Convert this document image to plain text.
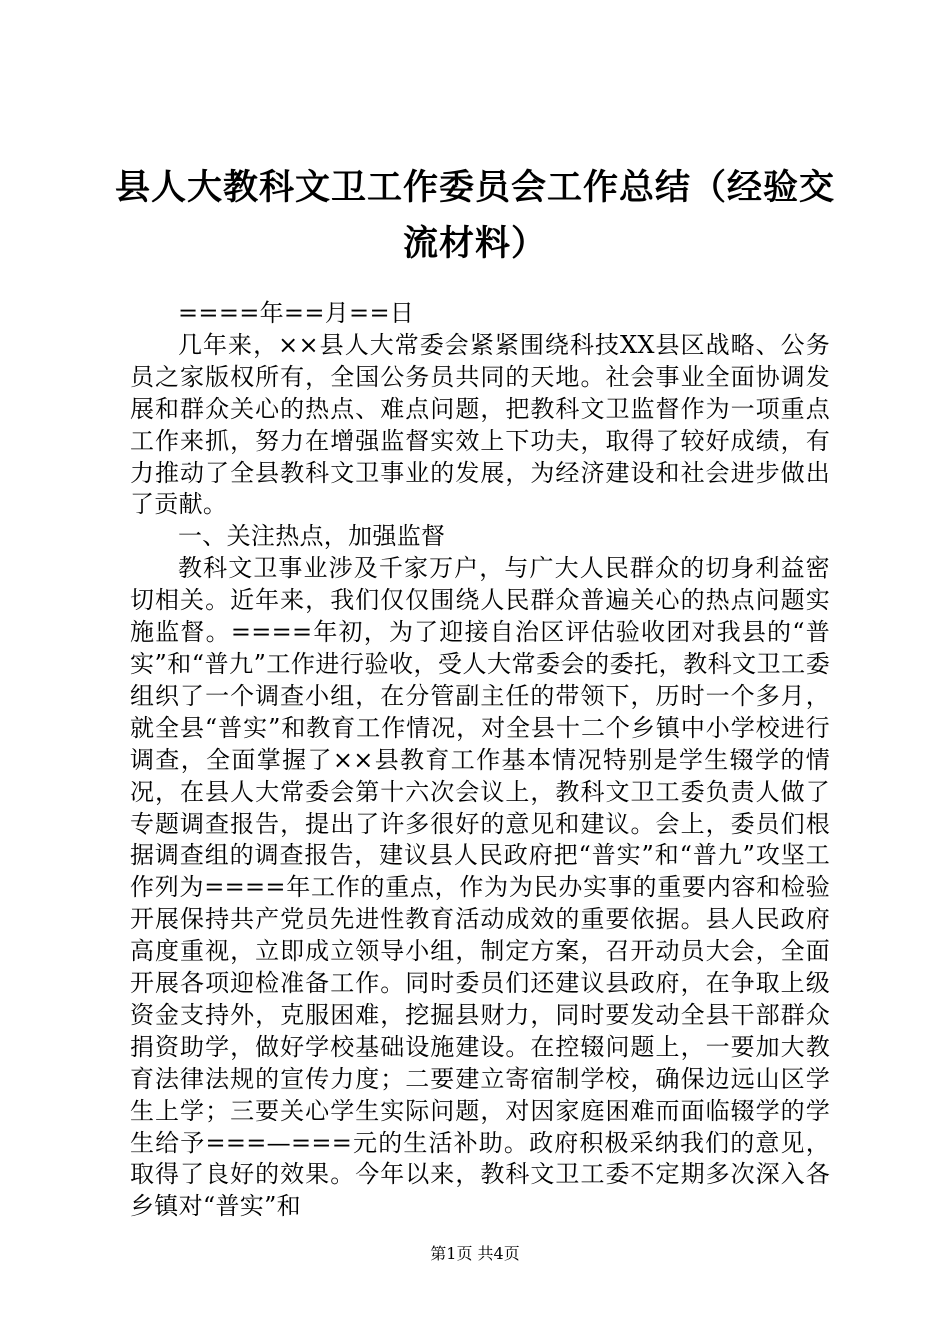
县人大教科文卫工作委员会工作总结（经验交流材料）

====年==月==日

几年来，××县人大常委会紧紧围绕科技XX县区战略、公务员之家版权所有，全国公务员共同的天地。社会事业全面协调发展和群众关心的热点、难点问题，把教科文卫监督作为一项重点工作来抓，努力在增强监督实效上下功夫，取得了较好成绩，有力推动了全县教科文卫事业的发展，为经济建设和社会进步做出了贡献。

一、关注热点，加强监督

教科文卫事业涉及千家万户，与广大人民群众的切身利益密切相关。近年来，我们仅仅围绕人民群众普遍关心的热点问题实施监督。====年初，为了迎接自治区评估验收团对我县的“普实”和“普九”工作进行验收，受人大常委会的委托，教科文卫工委组织了一个调查小组，在分管副主任的带领下，历时一个多月，就全县“普实”和教育工作情况，对全县十二个乡镇中小学校进行调查，全面掌握了××县教育工作基本情况特别是学生辍学的情况，在县人大常委会第十六次会议上，教科文卫工委负责人做了专题调查报告，提出了许多很好的意见和建议。会上，委员们根据调查组的调查报告，建议县人民政府把“普实”和“普九”攻坚工作列为====年工作的重点，作为为民办实事的重要内容和检验开展保持共产党员先进性教育活动成效的重要依据。县人民政府高度重视，立即成立领导小组，制定方案，召开动员大会，全面开展各项迎检准备工作。同时委员们还建议县政府，在争取上级资金支持外，克服困难，挖掘县财力，同时要发动全县干部群众捐资助学，做好学校基础设施建设。在控辍问题上，一要加大教育法律法规的宣传力度；二要建立寄宿制学校，确保边远山区学生上学；三要关心学生实际问题，对因家庭困难而面临辍学的学生给予===—===元的生活补助。政府积极采纳我们的意见，取得了良好的效果。今年以来，教科文卫工委不定期多次深入各乡镇对“普实”和

第1页 共4页
